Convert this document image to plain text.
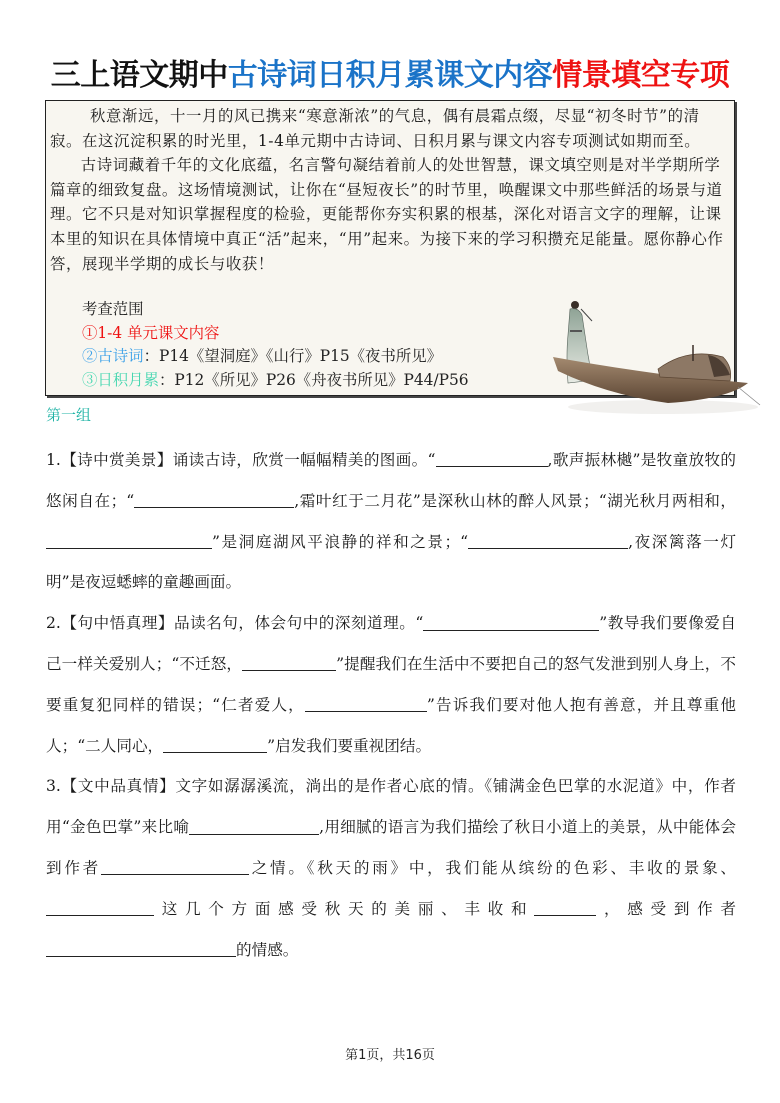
三上语文期中古诗词日积月累课文内容情景填空专项

秋意渐远，十一月的风已携来“寒意渐浓”的气息，偶有晨霜点缀，尽显“初冬时节”的清寂。在这沉淀积累的时光里，1-4单元期中古诗词、日积月累与课文内容专项测试如期而至。

古诗词藏着千年的文化底蕴，名言警句凝结着前人的处世智慧，课文填空则是对半学期所学篇章的细致复盘。这场情境测试，让你在“昼短夜长”的时节里，唤醒课文中那些鲜活的场景与道理。它不只是对知识掌握程度的检验，更能帮你夯实积累的根基，深化对语言文字的理解，让课本里的知识在具体情境中真正“活”起来，“用”起来。为接下来的学习积攒充足能量。愿你静心作答，展现半学期的成长与收获！

考查范围
①1-4 单元课文内容
②古诗词：P14《望洞庭》《山行》P15《夜书所见》
③日积月累：P12《所见》P26《舟夜书所见》P44/P56
第一组

1.【诗中赏美景】诵读古诗，欣赏一幅幅精美的图画。“	,歌声振林樾”是牧童放牧的悠闲自在；“	,霜叶红于二月花”是深秋山林的醉人风景；“湖光秋月两相和，”是洞庭湖风平浪静的祥和之景；“	,夜深篱落一灯明”是夜逗蟋蟀的童趣画面。

2.【句中悟真理】品读名句，体会句中的深刻道理。“	”教导我们要像爱自己一样关爱别人；“不迁怒，	”提醒我们在生活中不要把自己的怒气发泄到别人身上，不要重复犯同样的错误；“仁者爱人，	”告诉我们要对他人抱有善意，并且尊重他人；“二人同心，	”启发我们要重视团结。

3.【文中品真情】文字如潺潺溪流，淌出的是作者心底的情。《铺满金色巴掌的水泥道》中，作者用“金色巴掌”来比喻	,用细腻的语言为我们描绘了秋日小道上的美景，从中能体会到作者	之情。《秋天的雨》中，我们能从缤纷的色彩、丰收的景象、这几个方面感受秋天的美丽、丰收和	，感受到作者的情感。

第1页，共16页
